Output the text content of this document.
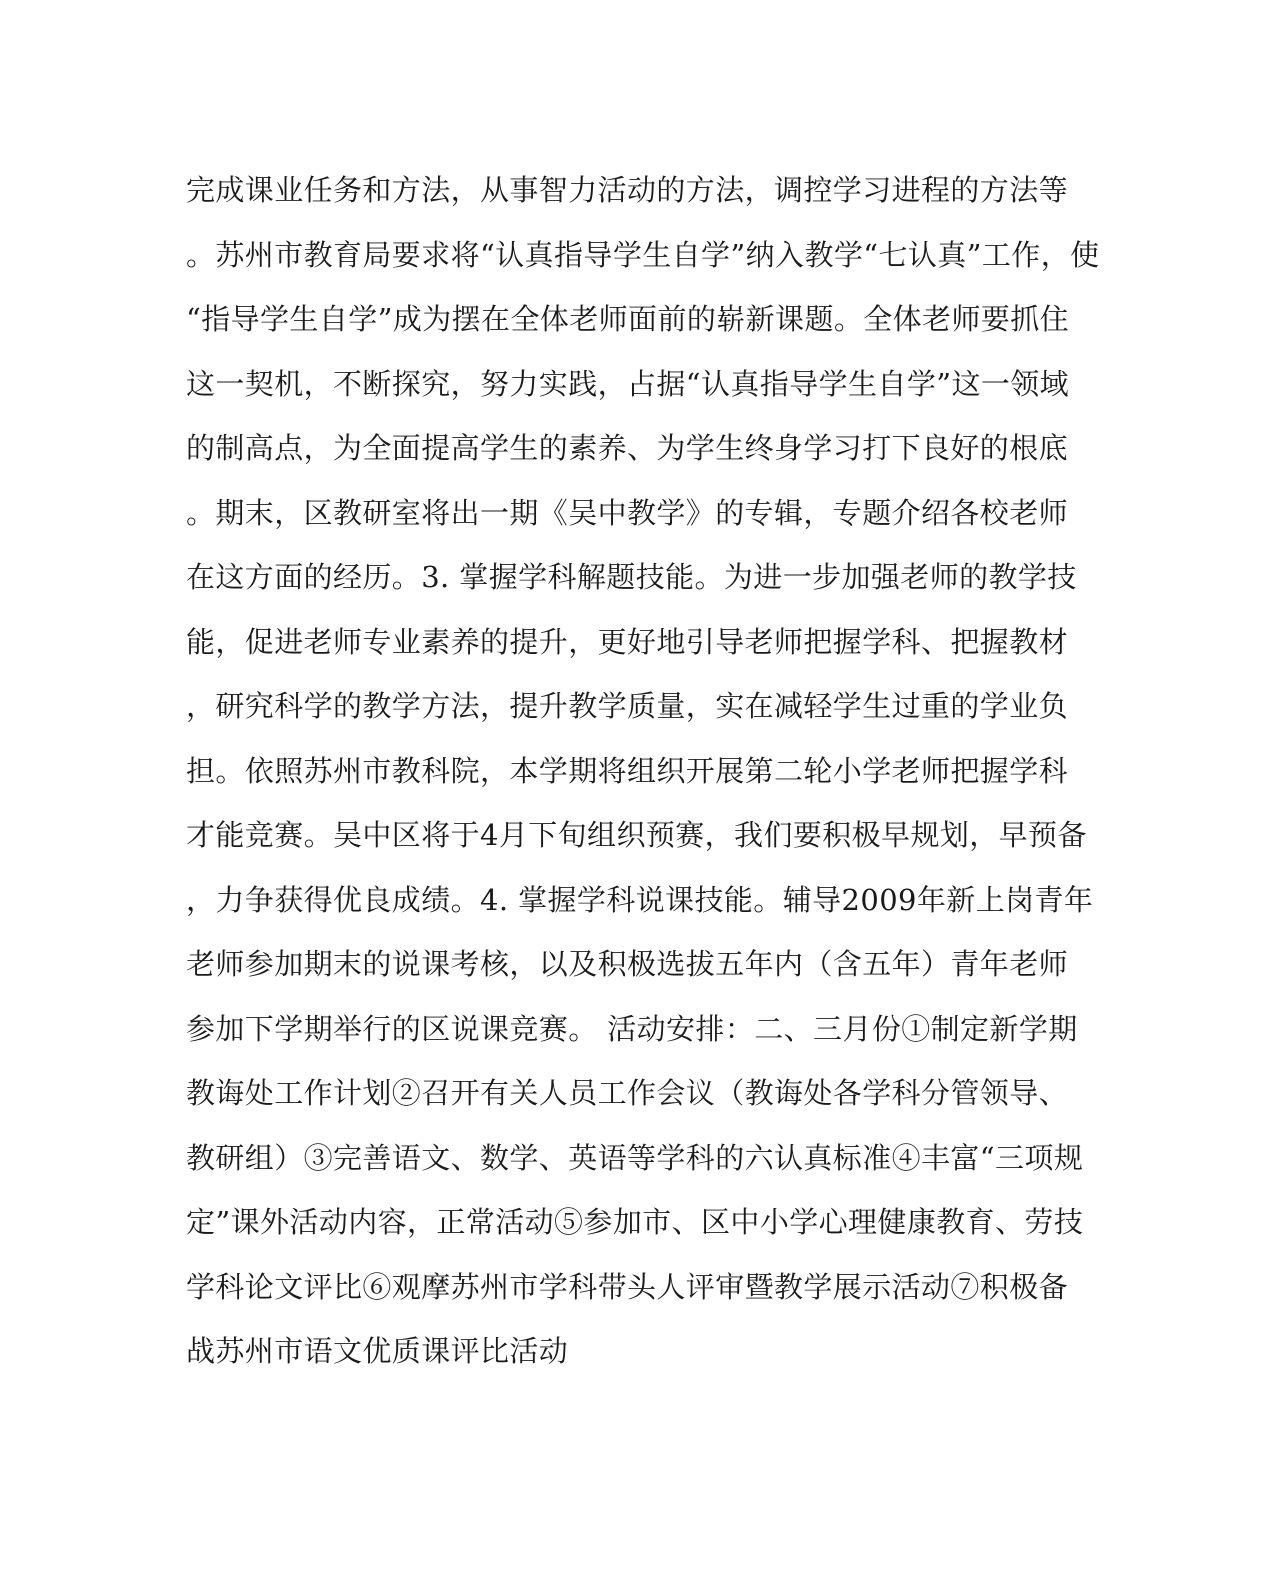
完成课业任务和方法，从事智力活动的方法，调控学习进程的方法等
。苏州市教育局要求将“认真指导学生自学”纳入教学“七认真”工作，使
“指导学生自学”成为摆在全体老师面前的崭新课题。全体老师要抓住
这一契机，不断探究，努力实践，占据“认真指导学生自学”这一领域
的制高点，为全面提高学生的素养、为学生终身学习打下良好的根底
。期末，区教研室将出一期《吴中教学》的专辑，专题介绍各校老师
在这方面的经历。3. 掌握学科解题技能。为进一步加强老师的教学技
能，促进老师专业素养的提升，更好地引导老师把握学科、把握教材
，研究科学的教学方法，提升教学质量，实在减轻学生过重的学业负
担。依照苏州市教科院，本学期将组织开展第二轮小学老师把握学科
才能竞赛。吴中区将于4月下旬组织预赛，我们要积极早规划，早预备
，力争获得优良成绩。4. 掌握学科说课技能。辅导2009年新上岗青年
老师参加期末的说课考核，以及积极选拔五年内（含五年）青年老师
参加下学期举行的区说课竞赛。 活动安排：二、三月份①制定新学期
教诲处工作计划②召开有关人员工作会议（教诲处各学科分管领导、
教研组）③完善语文、数学、英语等学科的六认真标准④丰富“三项规
定”课外活动内容，正常活动⑤参加市、区中小学心理健康教育、劳技
学科论文评比⑥观摩苏州市学科带头人评审暨教学展示活动⑦积极备
战苏州市语文优质课评比活动
